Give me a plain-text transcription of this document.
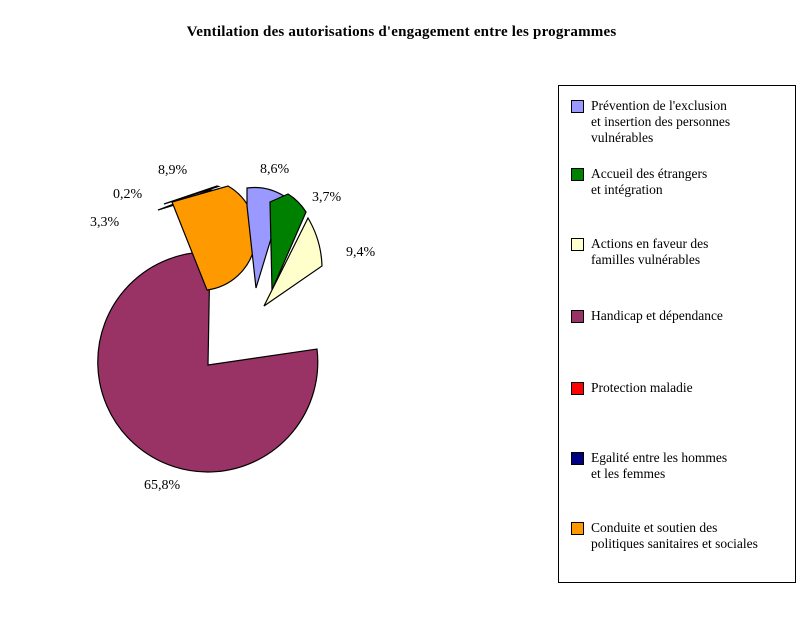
Ventilation des autorisations d'engagement entre les programmes
8,9%
0,2%
3,3%
8,6%
3,7%
9,4%
65,8%
Prévention de l'exclusion
et insertion des personnes
vulnérables
Accueil des étrangers
et intégration
Actions en faveur des
familles vulnérables
Handicap et dépendance
Protection maladie
Egalité entre les hommes
et les femmes
Conduite et soutien des
politiques sanitaires et sociales
